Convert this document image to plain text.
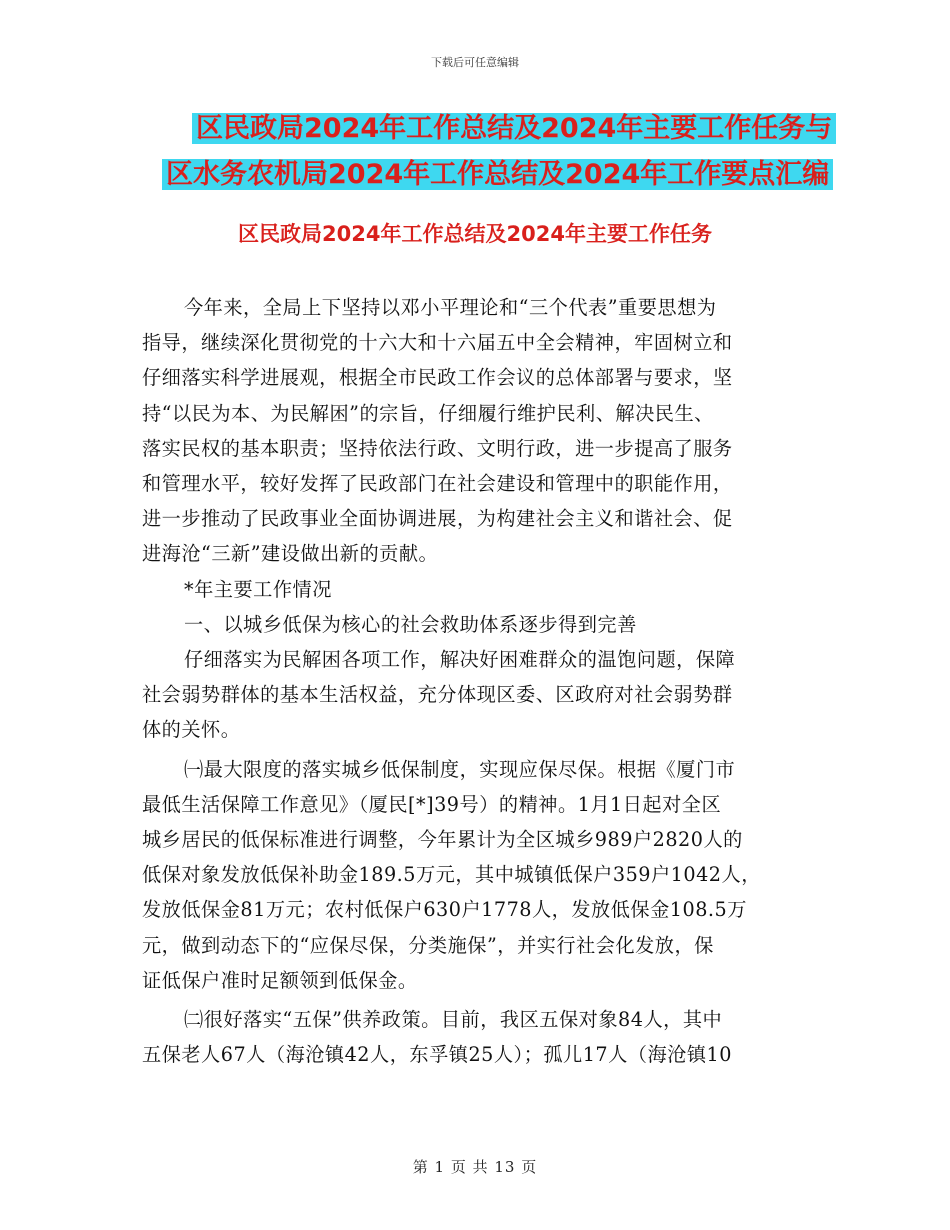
下载后可任意编辑
区民政局2024年工作总结及2024年主要工作任务与
区水务农机局2024年工作总结及2024年工作要点汇编
区民政局2024年工作总结及2024年主要工作任务

今年来，全局上下坚持以邓小平理论和“三个代表”重要思想为

指导，继续深化贯彻党的十六大和十六届五中全会精神，牢固树立和

仔细落实科学进展观，根据全市民政工作会议的总体部署与要求，坚

持“以民为本、为民解困”的宗旨，仔细履行维护民利、解决民生、

落实民权的基本职责；坚持依法行政、文明行政，进一步提高了服务

和管理水平，较好发挥了民政部门在社会建设和管理中的职能作用，

进一步推动了民政事业全面协调进展，为构建社会主义和谐社会、促

进海沧“三新”建设做出新的贡献。

*年主要工作情况

一、以城乡低保为核心的社会救助体系逐步得到完善

仔细落实为民解困各项工作，解决好困难群众的温饱问题，保障

社会弱势群体的基本生活权益，充分体现区委、区政府对社会弱势群

体的关怀。

㈠最大限度的落实城乡低保制度，实现应保尽保。根据《厦门市

最低生活保障工作意见》（厦民[*]39号）的精神。1月1日起对全区

城乡居民的低保标准进行调整，今年累计为全区城乡989户2820人的

低保对象发放低保补助金189.5万元，其中城镇低保户359户1042人，

发放低保金81万元；农村低保户630户1778人，发放低保金108.5万

元，做到动态下的“应保尽保，分类施保”，并实行社会化发放，保

证低保户准时足额领到低保金。

㈡很好落实“五保”供养政策。目前，我区五保对象84人，其中

五保老人67人（海沧镇42人，东孚镇25人）；孤儿17人（海沧镇10

第 1 页 共 13 页
